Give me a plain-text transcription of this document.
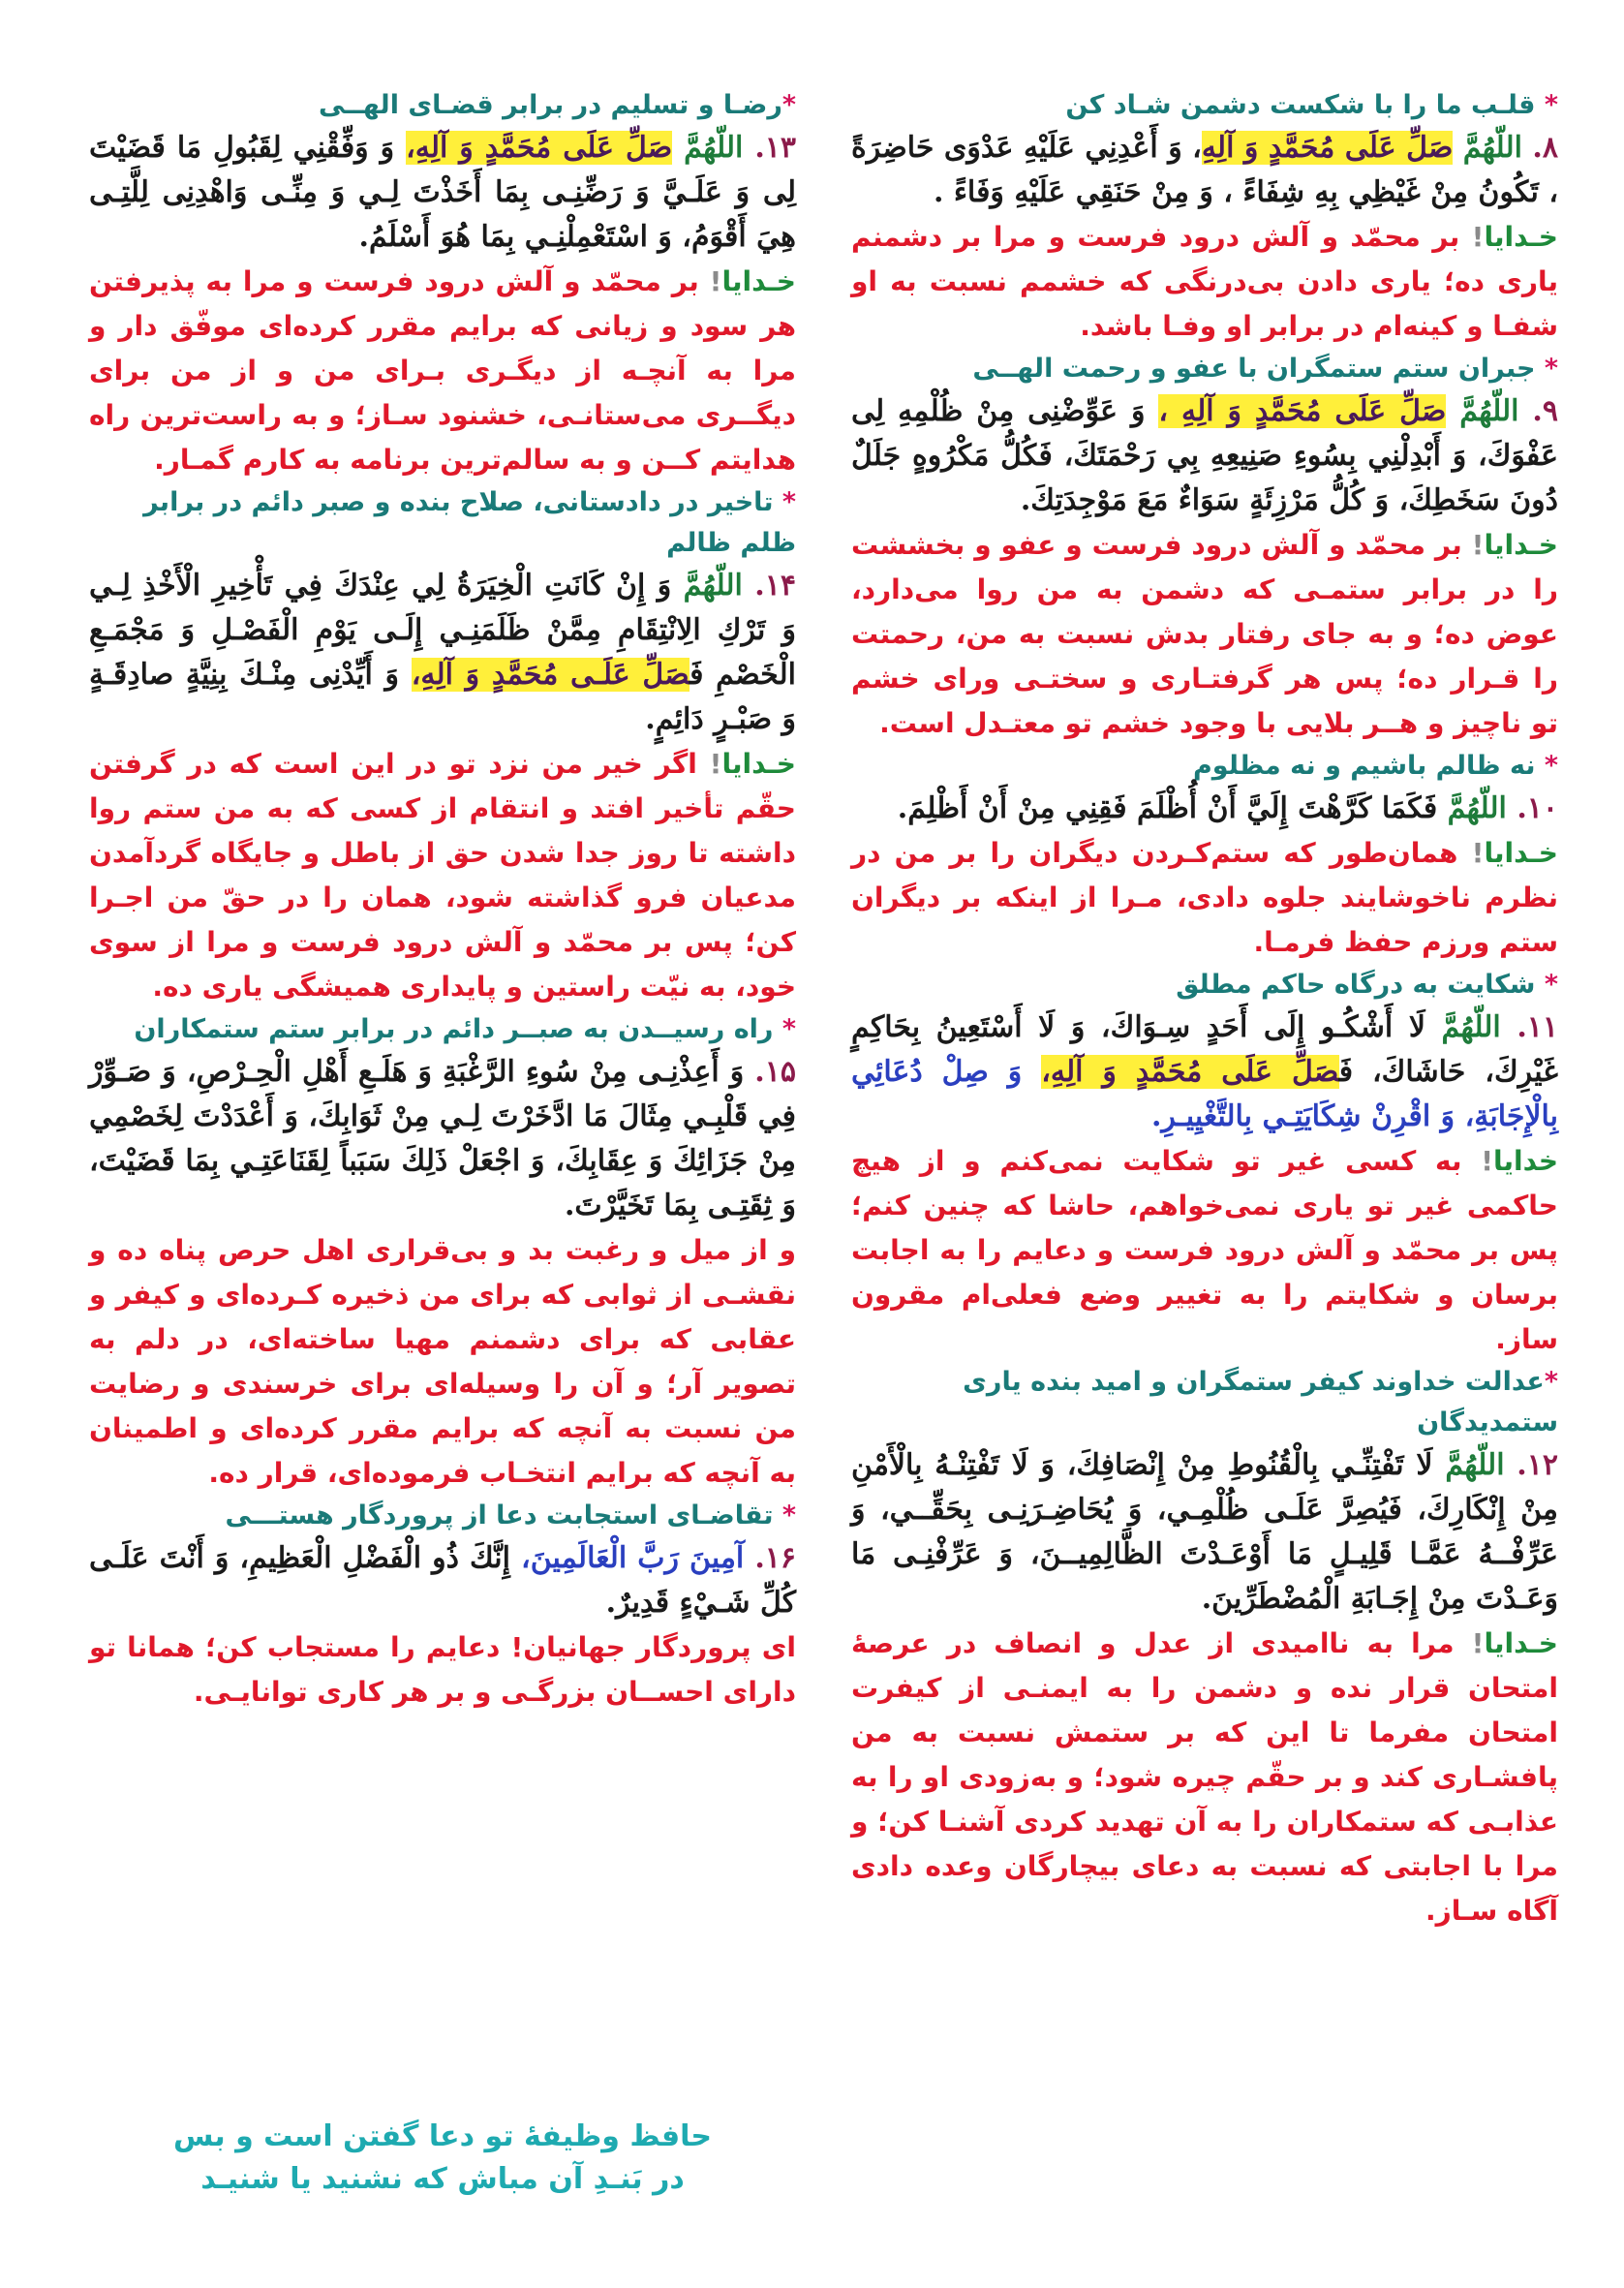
* قلـب ما را با شکست دشمن شـاد کن
۸. اللّهُمَّ صَلِّ عَلَى مُحَمَّدٍ وَ آلِهِ، وَ أَعْدِنِي عَلَيْهِ عَدْوَى حَاضِرَةً ، تَكُونُ مِنْ غَيْظِي بِهِ شِفَاءً ، وَ مِنْ حَنَقِي عَلَيْهِ وَفَاءً .
خـدایا! بر محمّد و آلش درود فرست و مرا بر دشمنم یاری ده؛ یاری دادن بی‌درنگی که خشمم نسبت به او شفـا و کینه‌ام در برابر او وفـا باشد.
* جبران ستم ستمگران با عفو و رحمت الهــی
۹. اللّهُمَّ صَلِّ عَلَى مُحَمَّدٍ وَ آلِهِ ، وَ عَوِّضْنِی مِنْ ظُلْمِهِ لِی عَفْوَكَ، وَ أَبْدِلْنِي بِسُوءِ صَنِيعِهِ بِي رَحْمَتَكَ، فَكُلُّ مَكْرُوهٍ جَلَلٌ دُونَ سَخَطِكَ، وَ كُلُّ مَرْزِئَةٍ سَوَاءٌ مَعَ مَوْجِدَتِكَ.
خـدایا! بر محمّد و آلش درود فرست و عفو و بخششت را در برابر ستمـی که دشمن به من روا می‌دارد، عوض ده؛ و به جای رفتار بدش نسبت به من، رحمتت را قـرار ده؛ پس هر گرفتـاری و سختـی ورای خشم تو ناچیز و هــر بلایی با وجود خشم تو معتـدل است.
* نه ظالم باشیم و نه مظلوم
۱۰. اللّهُمَّ فَكَمَا كَرَّهْتَ إِلَيَّ أَنْ أُظْلَمَ فَقِنِي مِنْ أَنْ أَظْلِمَ.
خـدایا! همان‌طور که ستم‌کـردن دیگران را بر من در نظرم ناخوشایند جلوه دادی، مـرا از اینکه بر دیگران ستم ورزم حفظ فرمـا.
* شکایت به درگاه حاکم مطلق
۱۱. اللّهُمَّ لَا أَشْكُـو إِلَى أَحَدٍ سِـوَاكَ، وَ لَا أَسْتَعِينُ بِحَاكِمٍ غَيْرِكَ، حَاشَاكَ، فَصَلِّ عَلَى مُحَمَّدٍ وَ آلِهِ، وَ صِلْ دُعَائِي بِالْإِجَابَةِ، وَ اقْرِنْ شِكَايَتِـي بِالتَّغْيِيـرِ.
خدایا! به کسی غیر تو شکایت نمی‌کنم و از هیچ حاکمی غیر تو یاری نمی‌خواهم، حاشا که چنین کنم؛ پس بر محمّد و آلش درود فرست و دعایم را به اجابت برسان و شکایتم را به تغییر وضع فعلی‌ام مقرون ساز.
*عدالت خداوند کیفر ستمگران و امید بنده یاری ستمدیدگان
۱۲. اللّهُمَّ لَا تَفْتِنِّـي بِالْقُنُوطِ مِنْ إِنْصَافِكَ، وَ لَا تَفْتِنْـهُ بِالْأَمْنِ مِنْ إِنْكَارِكَ، فَيُصِرَّ عَلَـى ظُلْمِـي، وَ يُحَاضِـرَنِـی بِحَقِّــي، وَ عَرِّفْــهُ عَمَّـا قَلِيـلٍ مَا أَوْعَـدْتَ الظَّالِمِيــنَ، وَ عَرِّفْنِـی مَا وَعَـدْتَ مِنْ إِجَـابَةِ الْمُضْطَرِّينَ.
خـدایا! مرا به ناامیدی از عدل و انصاف در عرصهٔ امتحان قرار نده و دشمن را به ایمنـی از کیفرت امتحان مفرما تا این که بر ستمش نسبت به من پافشـاری کند و بر حقّم چیره شود؛ و به‌زودی او را به عذابـی که ستمکاران را به آن تهدید کردی آشنـا کن؛ و مرا با اجابتی که نسبت به دعای بیچارگان وعده دادی آگاه سـاز.
*رضـا و تسلیم در برابر قضـای الهــی
۱۳. اللّهُمَّ صَلِّ عَلَى مُحَمَّدٍ وَ آلِهِ، وَ وَفِّقْنِي لِقَبُولِ مَا قَضَيْتَ لِی وَ عَلَـيَّ وَ رَضِّنِـی بِمَا أَخَذْتَ لِـي وَ مِنِّـی وَاهْدِنِی لِلَّتِـی هِيَ أَقْوَمُ، وَ اسْتَعْمِلْنِـي بِمَا هُوَ أَسْلَمُ.
خـدایا! بر محمّد و آلش درود فرست و مرا به پذیرفتن هر سود و زیانی که برایم مقرر کرده‌ای موفّق دار و مرا به آنچـه از دیگـری بـرای من و از من برای دیگــری می‌ستانـی، خشنود سـاز؛ و به راست‌ترین راه هدایتم کــن و به سالم‌ترین برنامه به کارم گمـار.
* تاخیر در دادستانی، صلاح بنده و صبر دائم در برابر ظلم ظالم
۱۴. اللّهُمَّ وَ إِنْ كَانَتِ الْخِيَرَةُ لِي عِنْدَكَ فِي تَأْخِيرِ الْأَخْذِ لِـي وَ تَرْكِ الِانْتِقَامِ مِمَّنْ ظَلَمَنِـي إِلَـى يَوْمِ الْفَصْـلِ وَ مَجْمَـعِ الْخَصْمِ فَصَلِّ عَلَـى مُحَمَّدٍ وَ آلِهِ، وَ أَيِّدْنِی مِنْـكَ بِنِيَّةٍ صادِقَـةٍ وَ صَبْـرٍ دَائِمٍ.
خـدایا! اگر خیر من نزد تو در این است که در گرفتن حقّم تأخیر افتد و انتقام از کسی که به من ستم روا داشته تا روز جدا شدن حق از باطل و جایگاه گردآمدن مدعیان فرو گذاشته شود، همان را در حقّ من اجـرا کن؛ پس بر محمّد و آلش درود فرست و مرا از سوی خود، به نیّت راستین و پایداری همیشگی یاری ده.
* راه رسیــدن به صبــر دائم در برابر ستم ستمکاران
۱۵. وَ أَعِذْنِـی مِنْ سُوءِ الرَّغْبَةِ وَ هَلَـعِ أَهْلِ الْحِـرْصِ، وَ صَـوِّرْ فِي قَلْبِـي مِثَالَ مَا ادَّخَرْتَ لِـي مِنْ ثَوَابِكَ، وَ أَعْدَدْتَ لِخَصْمِي مِنْ جَزَائِكَ وَ عِقَابِكَ، وَ اجْعَلْ ذَلِكَ سَبَباً لِقَنَاعَتِـي بِمَا قَضَيْتَ، وَ ثِقَتِـی بِمَا تَخَيَّرْتَ.
و از میل و رغبت بد و بی‌قراری اهل حرص پناه ده و نقشـی از ثوابی که برای من ذخیره کـرده‌ای و کیفر و عقابی که برای دشمنم مهیا ساخته‌ای، در دلم به تصویر آر؛ و آن را وسیله‌ای برای خرسندی و رضایت من نسبت به آنچه که برایم مقرر کرده‌ای و اطمینان به آنچه که برایم انتخـاب فرموده‌ای، قرار ده.
* تقاضـای استجابت دعا از پروردگار هستـــی
۱۶. آمِينَ رَبَّ الْعَالَمِينَ، إِنَّكَ ذُو الْفَضْلِ الْعَظِيمِ، وَ أَنْتَ عَلَـى كُلِّ شَـيْءٍ قَدِيرٌ.
ای پروردگار جهانیان! دعایم را مستجاب کن؛ همانا تو دارای احســان بزرگـی و بر هر کاری توانایـی.
حافظ وظیفهٔ تو دعا گفتن است و بس
در بَنـدِ آن مباش که نشنید یا شنیـد
